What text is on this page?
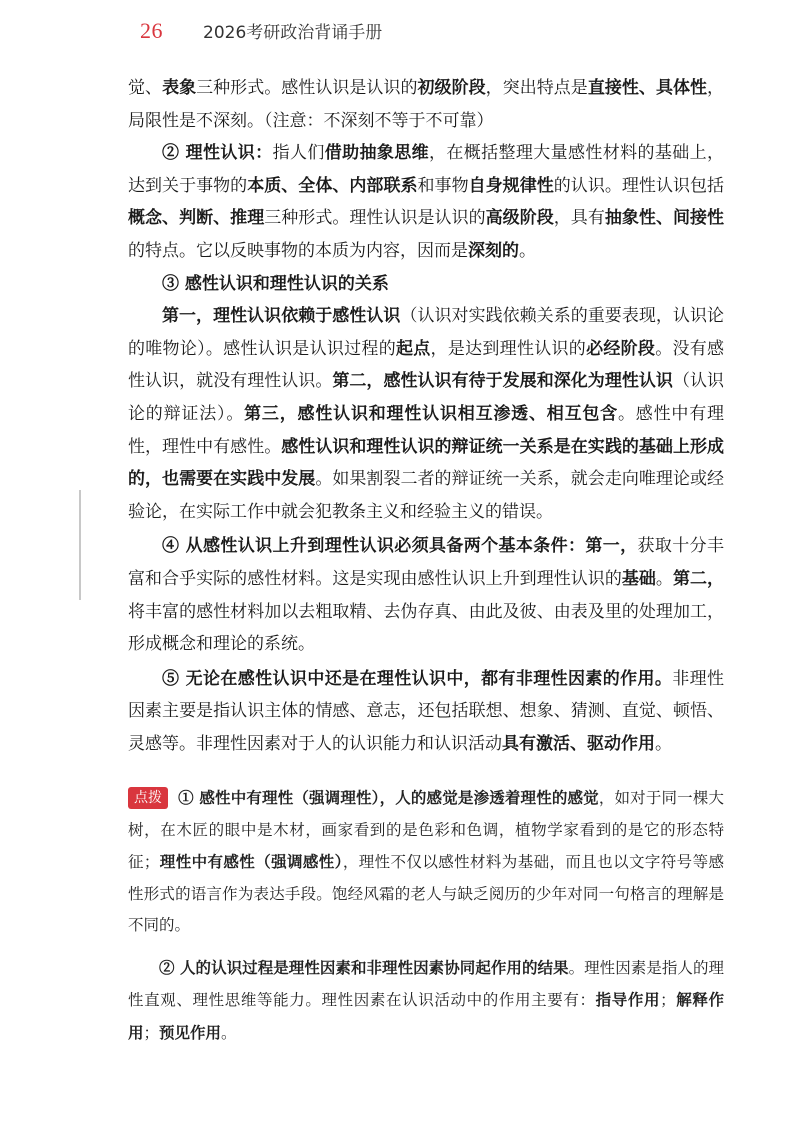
26 2026考研政治背诵手册

觉、表象三种形式。感性认识是认识的初级阶段，突出特点是直接性、具体性，局限性是不深刻。（注意：不深刻不等于不可靠）

② 理性认识：指人们借助抽象思维，在概括整理大量感性材料的基础上，达到关于事物的本质、全体、内部联系和事物自身规律性的认识。理性认识包括概念、判断、推理三种形式。理性认识是认识的高级阶段，具有抽象性、间接性的特点。它以反映事物的本质为内容，因而是深刻的。

③ 感性认识和理性认识的关系

第一，理性认识依赖于感性认识（认识对实践依赖关系的重要表现，认识论的唯物论）。感性认识是认识过程的起点，是达到理性认识的必经阶段。没有感性认识，就没有理性认识。第二，感性认识有待于发展和深化为理性认识（认识论的辩证法）。第三，感性认识和理性认识相互渗透、相互包含。感性中有理性，理性中有感性。感性认识和理性认识的辩证统一关系是在实践的基础上形成的，也需要在实践中发展。如果割裂二者的辩证统一关系，就会走向唯理论或经验论，在实际工作中就会犯教条主义和经验主义的错误。

④ 从感性认识上升到理性认识必须具备两个基本条件：第一，获取十分丰富和合乎实际的感性材料。这是实现由感性认识上升到理性认识的基础。第二，将丰富的感性材料加以去粗取精、去伪存真、由此及彼、由表及里的处理加工，形成概念和理论的系统。

⑤ 无论在感性认识中还是在理性认识中，都有非理性因素的作用。非理性因素主要是指认识主体的情感、意志，还包括联想、想象、猜测、直觉、顿悟、灵感等。非理性因素对于人的认识能力和认识活动具有激活、驱动作用。

点拨 ① 感性中有理性（强调理性），人的感觉是渗透着理性的感觉，如对于同一棵大树，在木匠的眼中是木材，画家看到的是色彩和色调，植物学家看到的是它的形态特征；理性中有感性（强调感性），理性不仅以感性材料为基础，而且也以文字符号等感性形式的语言作为表达手段。饱经风霜的老人与缺乏阅历的少年对同一句格言的理解是不同的。

② 人的认识过程是理性因素和非理性因素协同起作用的结果。理性因素是指人的理性直观、理性思维等能力。理性因素在认识活动中的作用主要有：指导作用；解释作用；预见作用。
